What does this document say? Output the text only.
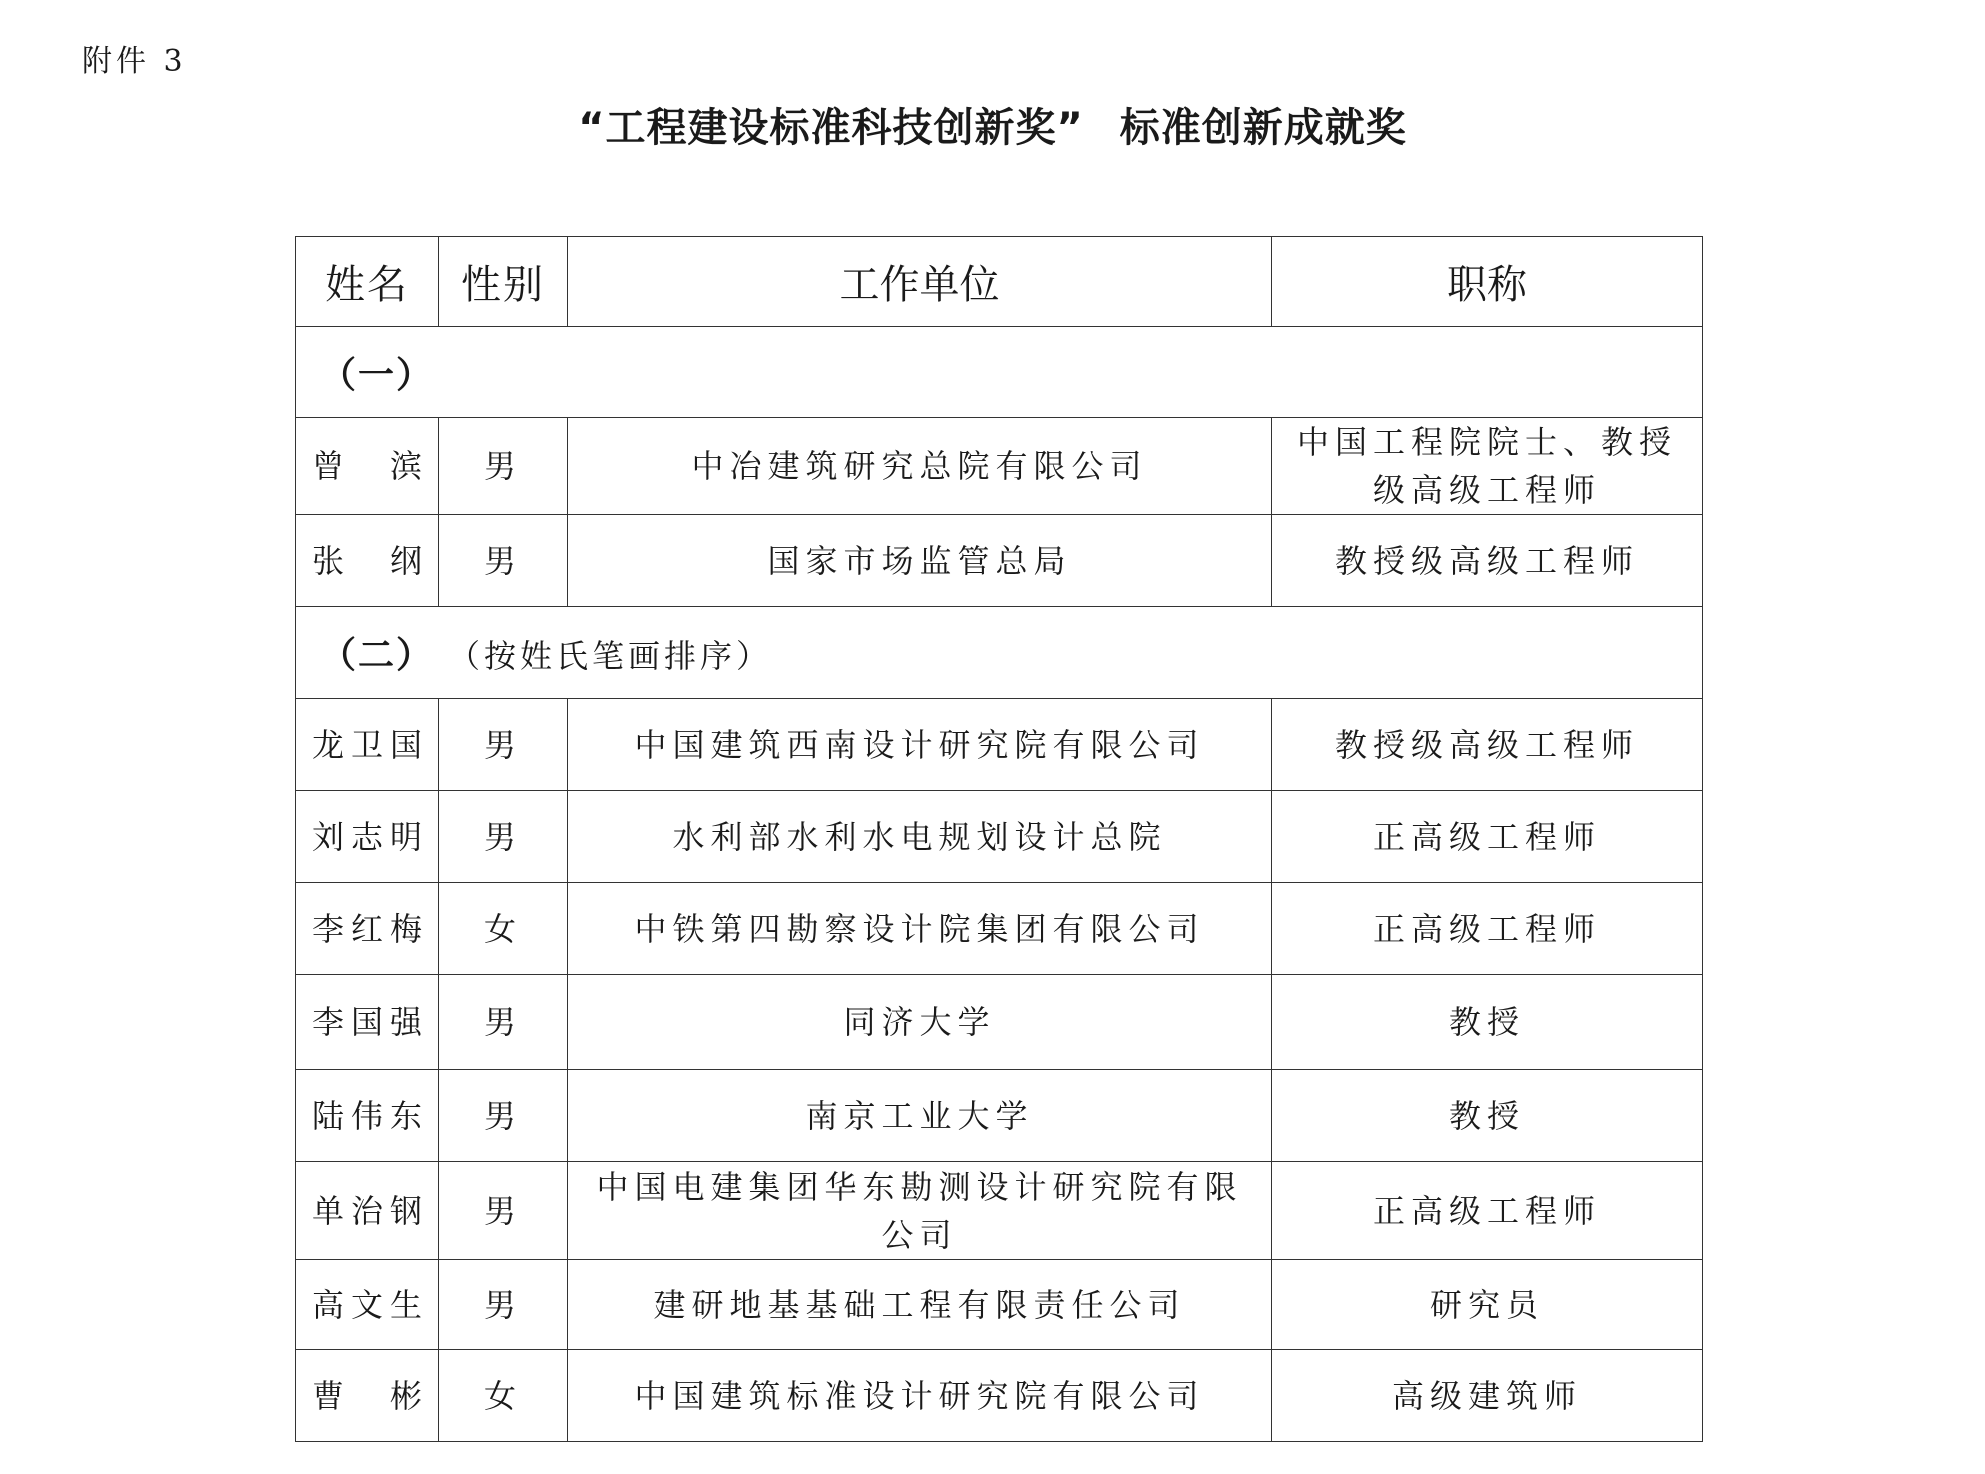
附件 3
“工程建设标准科技创新奖” 标准创新成就奖
姓名	性别	工作单位	职称
（一）			
曾滨	男	中冶建筑研究总院有限公司	中国工程院院士、教授级高级工程师
张纲	男	国家市场监管总局	教授级高级工程师
（二） （按姓氏笔画排序）			
龙卫国	男	中国建筑西南设计研究院有限公司	教授级高级工程师
刘志明	男	水利部水利水电规划设计总院	正高级工程师
李红梅	女	中铁第四勘察设计院集团有限公司	正高级工程师
李国强	男	同济大学	教授
陆伟东	男	南京工业大学	教授
单治钢	男	中国电建集团华东勘测设计研究院有限公司	正高级工程师
高文生	男	建研地基基础工程有限责任公司	研究员
曹彬	女	中国建筑标准设计研究院有限公司	高级建筑师
